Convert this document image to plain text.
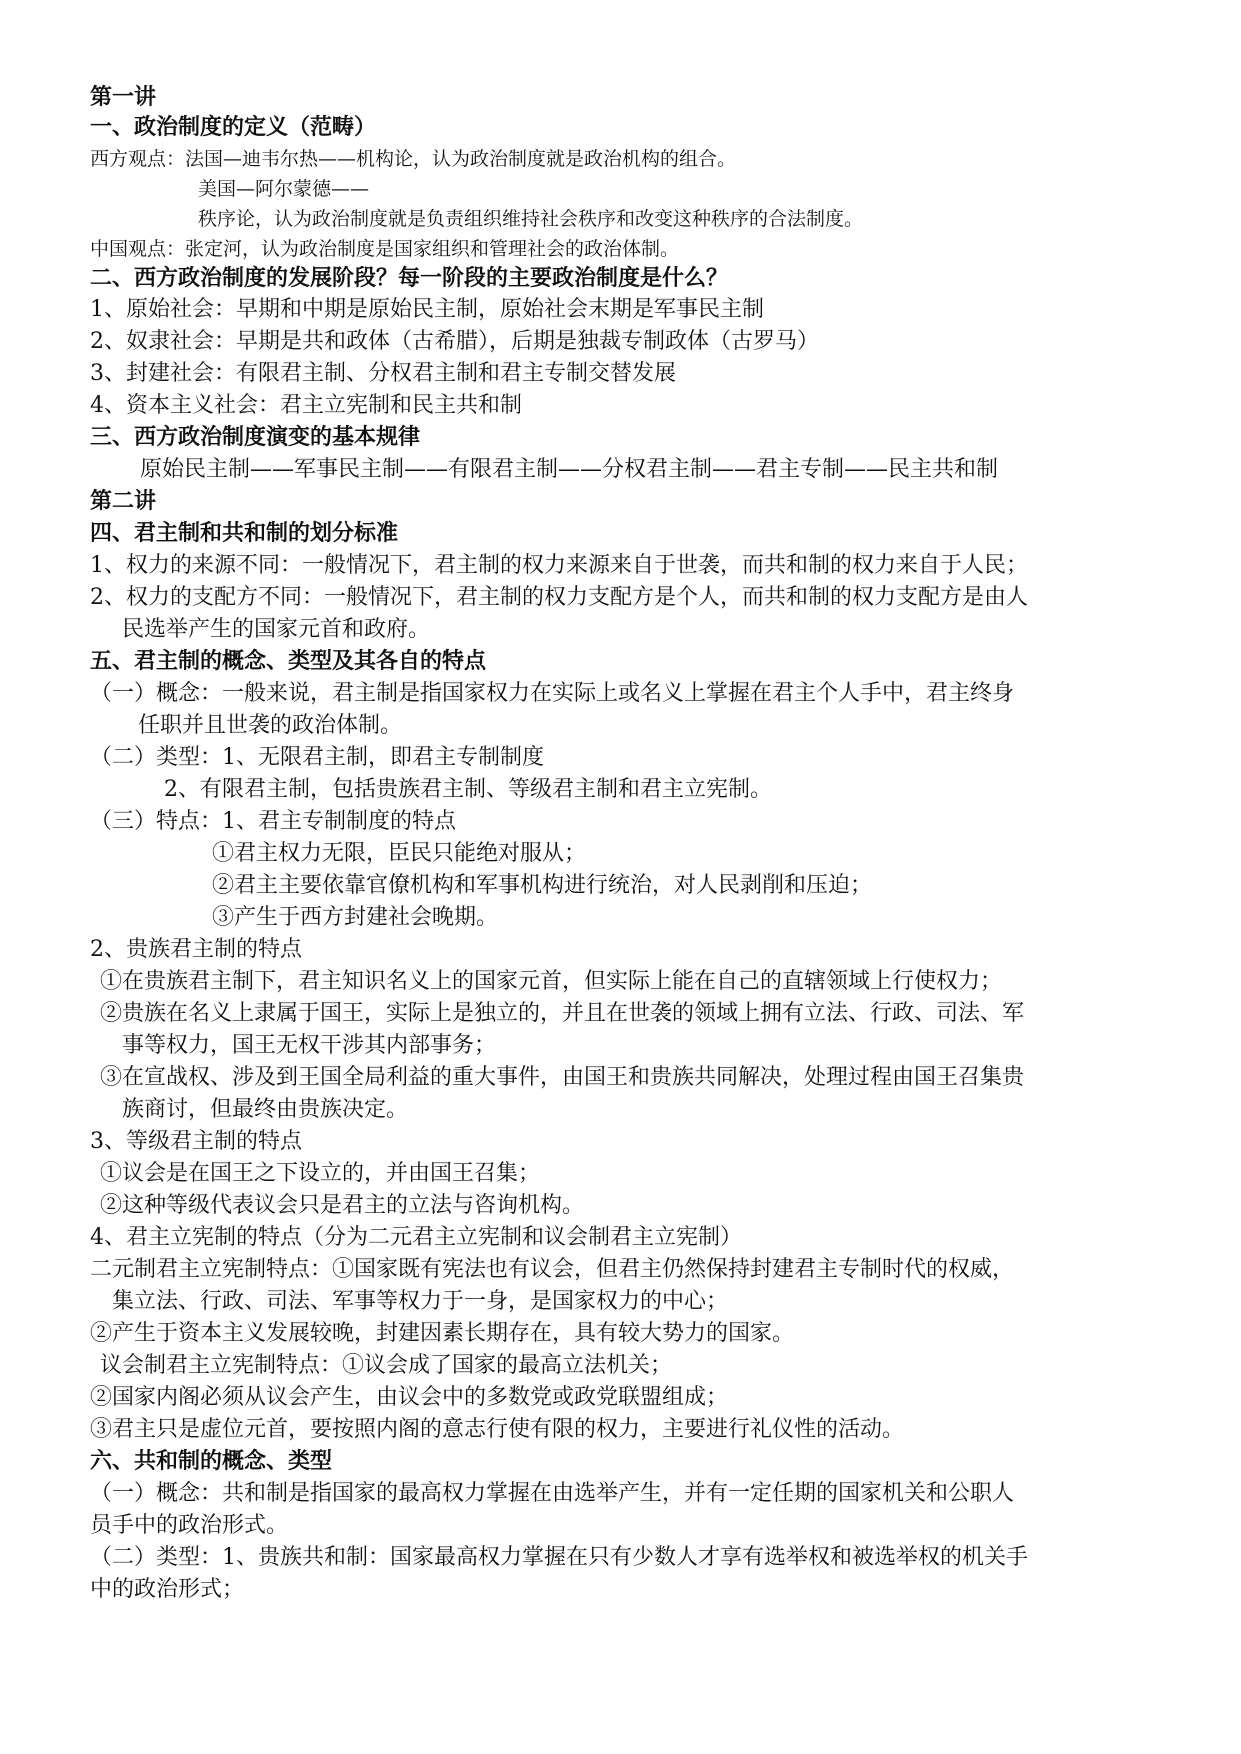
第一讲
一、政治制度的定义（范畴）
西方观点：法国—迪韦尔热——机构论，认为政治制度就是政治机构的组合。
美国—阿尔蒙德——
秩序论，认为政治制度就是负责组织维持社会秩序和改变这种秩序的合法制度。
中国观点：张定河，认为政治制度是国家组织和管理社会的政治体制。
二、西方政治制度的发展阶段？每一阶段的主要政治制度是什么？
1、原始社会：早期和中期是原始民主制，原始社会末期是军事民主制
2、奴隶社会：早期是共和政体（古希腊），后期是独裁专制政体（古罗马）
3、封建社会：有限君主制、分权君主制和君主专制交替发展
4、资本主义社会：君主立宪制和民主共和制
三、西方政治制度演变的基本规律
原始民主制——军事民主制——有限君主制——分权君主制——君主专制——民主共和制
第二讲
四、君主制和共和制的划分标准
1、权力的来源不同：一般情况下，君主制的权力来源来自于世袭，而共和制的权力来自于人民；
2、权力的支配方不同：一般情况下，君主制的权力支配方是个人，而共和制的权力支配方是由人
民选举产生的国家元首和政府。
五、君主制的概念、类型及其各自的特点
（一）概念：一般来说，君主制是指国家权力在实际上或名义上掌握在君主个人手中，君主终身
任职并且世袭的政治体制。
（二）类型：1、无限君主制，即君主专制制度
2、有限君主制，包括贵族君主制、等级君主制和君主立宪制。
（三）特点：1、君主专制制度的特点
①君主权力无限，臣民只能绝对服从；
②君主主要依靠官僚机构和军事机构进行统治，对人民剥削和压迫；
③产生于西方封建社会晚期。
2、贵族君主制的特点
①在贵族君主制下，君主知识名义上的国家元首，但实际上能在自己的直辖领域上行使权力；
②贵族在名义上隶属于国王，实际上是独立的，并且在世袭的领域上拥有立法、行政、司法、军
事等权力，国王无权干涉其内部事务；
③在宣战权、涉及到王国全局利益的重大事件，由国王和贵族共同解决，处理过程由国王召集贵
族商讨，但最终由贵族决定。
3、等级君主制的特点
①议会是在国王之下设立的，并由国王召集；
②这种等级代表议会只是君主的立法与咨询机构。
4、君主立宪制的特点（分为二元君主立宪制和议会制君主立宪制）
二元制君主立宪制特点：①国家既有宪法也有议会，但君主仍然保持封建君主专制时代的权威，
集立法、行政、司法、军事等权力于一身，是国家权力的中心；
②产生于资本主义发展较晚，封建因素长期存在，具有较大势力的国家。
议会制君主立宪制特点：①议会成了国家的最高立法机关；
②国家内阁必须从议会产生，由议会中的多数党或政党联盟组成；
③君主只是虚位元首，要按照内阁的意志行使有限的权力，主要进行礼仪性的活动。
六、共和制的概念、类型
（一）概念：共和制是指国家的最高权力掌握在由选举产生，并有一定任期的国家机关和公职人
员手中的政治形式。
（二）类型：1、贵族共和制：国家最高权力掌握在只有少数人才享有选举权和被选举权的机关手
中的政治形式；
